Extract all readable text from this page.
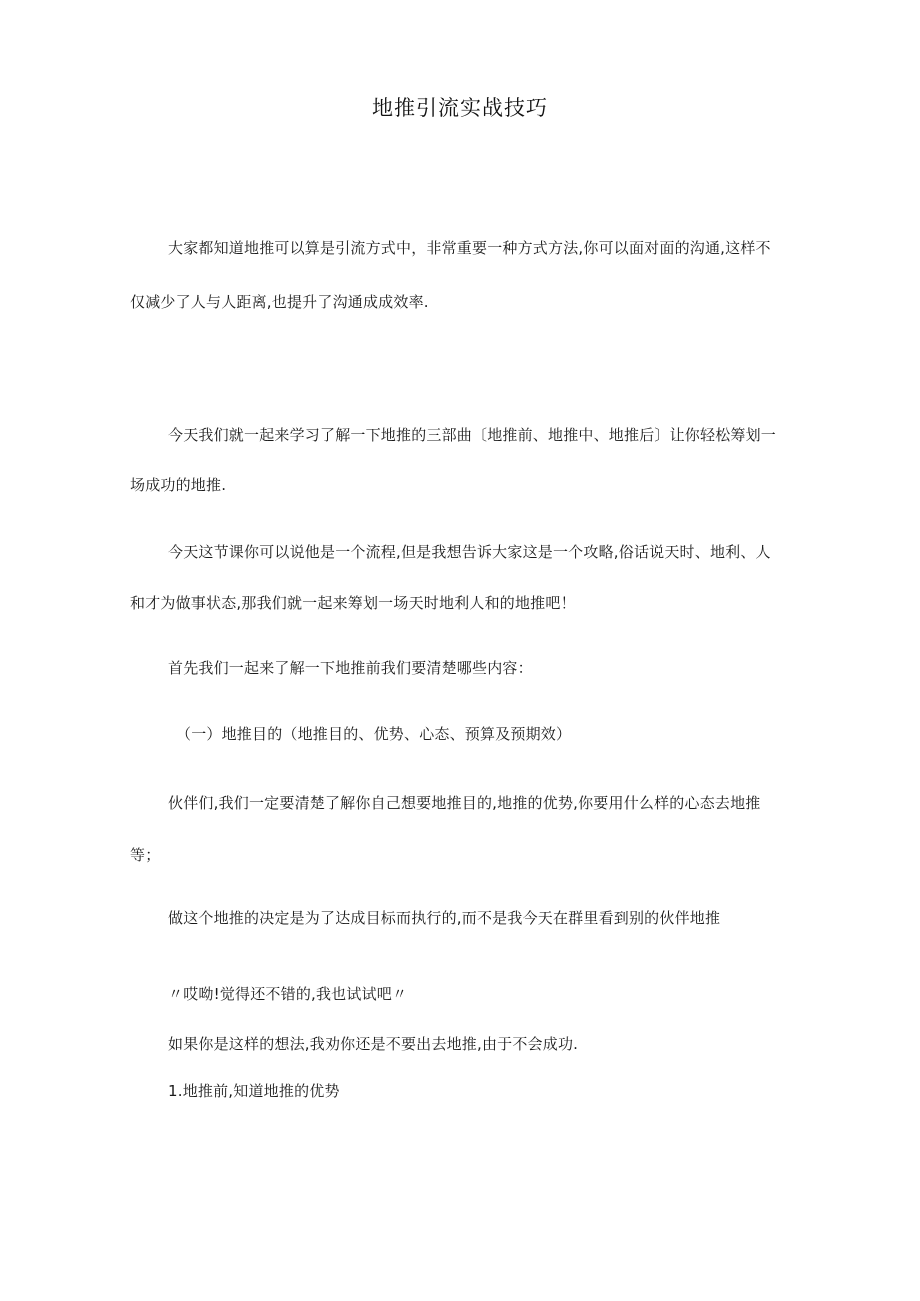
地推引流实战技巧
大家都知道地推可以算是引流方式中，非常重要一种方式方法,你可以面对面的沟通,这样不
仅减少了人与人距离,也提升了沟通成成效率.
今天我们就一起来学习了解一下地推的三部曲〔地推前、地推中、地推后〕让你轻松筹划一
场成功的地推.
今天这节课你可以说他是一个流程,但是我想告诉大家这是一个攻略,俗话说天时、地利、人
和才为做事状态,那我们就一起来筹划一场天时地利人和的地推吧！
首先我们一起来了解一下地推前我们要清楚哪些内容：
（一）地推目的（地推目的、优势、心态、预算及预期效）
伙伴们,我们一定要清楚了解你自己想要地推目的,地推的优势,你要用什么样的心态去地推
等；
做这个地推的决定是为了达成目标而执行的,而不是我今天在群里看到别的伙伴地推
〃哎呦!觉得还不错的,我也试试吧〃
如果你是这样的想法,我劝你还是不要出去地推,由于不会成功.
1.地推前,知道地推的优势
